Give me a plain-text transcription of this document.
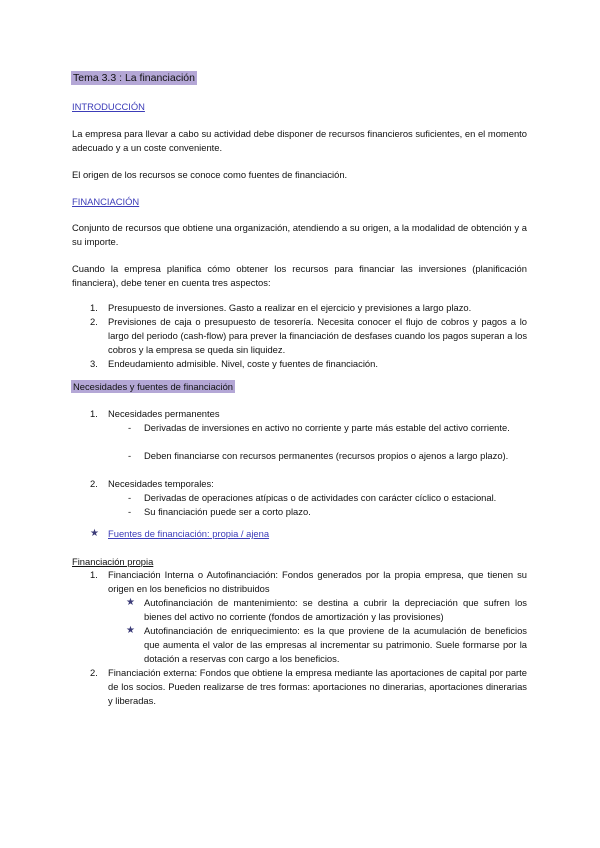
Tema 3.3 : La financiación
INTRODUCCIÓN
La empresa para llevar a cabo su actividad debe disponer de recursos financieros suficientes, en el momento adecuado y a un coste conveniente.
El origen de los recursos se conoce como fuentes de financiación.
FINANCIACIÓN
Conjunto de recursos que obtiene una organización, atendiendo a su origen, a la modalidad de obtención y a su importe.
Cuando la empresa planifica cómo obtener los recursos para financiar las inversiones (planificación financiera), debe tener en cuenta tres aspectos:
1. Presupuesto de inversiones. Gasto a realizar en el ejercicio y previsiones a largo plazo.
2. Previsiones de caja o presupuesto de tesorería. Necesita conocer el flujo de cobros y pagos a lo largo del periodo (cash-flow) para prever la financiación de desfases cuando los pagos superan a los cobros y la empresa se queda sin liquidez.
3. Endeudamiento admisible. Nivel, coste y fuentes de financiación.
Necesidades y fuentes de financiación
1. Necesidades permanentes
- Derivadas de inversiones en activo no corriente y parte más estable del activo corriente.
- Deben financiarse con recursos permanentes (recursos propios o ajenos a largo plazo).
2. Necesidades temporales:
- Derivadas de operaciones atípicas o de actividades con carácter cíclico o estacional.
- Su financiación puede ser a corto plazo.
★ Fuentes de financiación: propia / ajena
Financiación propia
1. Financiación Interna o Autofinanciación: Fondos generados por la propia empresa, que tienen su origen en los beneficios no distribuidos
★ Autofinanciación de mantenimiento: se destina a cubrir la depreciación que sufren los bienes del activo no corriente (fondos de amortización y las provisiones)
★ Autofinanciación de enriquecimiento: es la que proviene de la acumulación de beneficios que aumenta el valor de las empresas al incrementar su patrimonio. Suele formarse por la dotación a reservas con cargo a los beneficios.
2. Financiación externa: Fondos que obtiene la empresa mediante las aportaciones de capital por parte de los socios. Pueden realizarse de tres formas: aportaciones no dinerarias, aportaciones dinerarias y liberadas.
